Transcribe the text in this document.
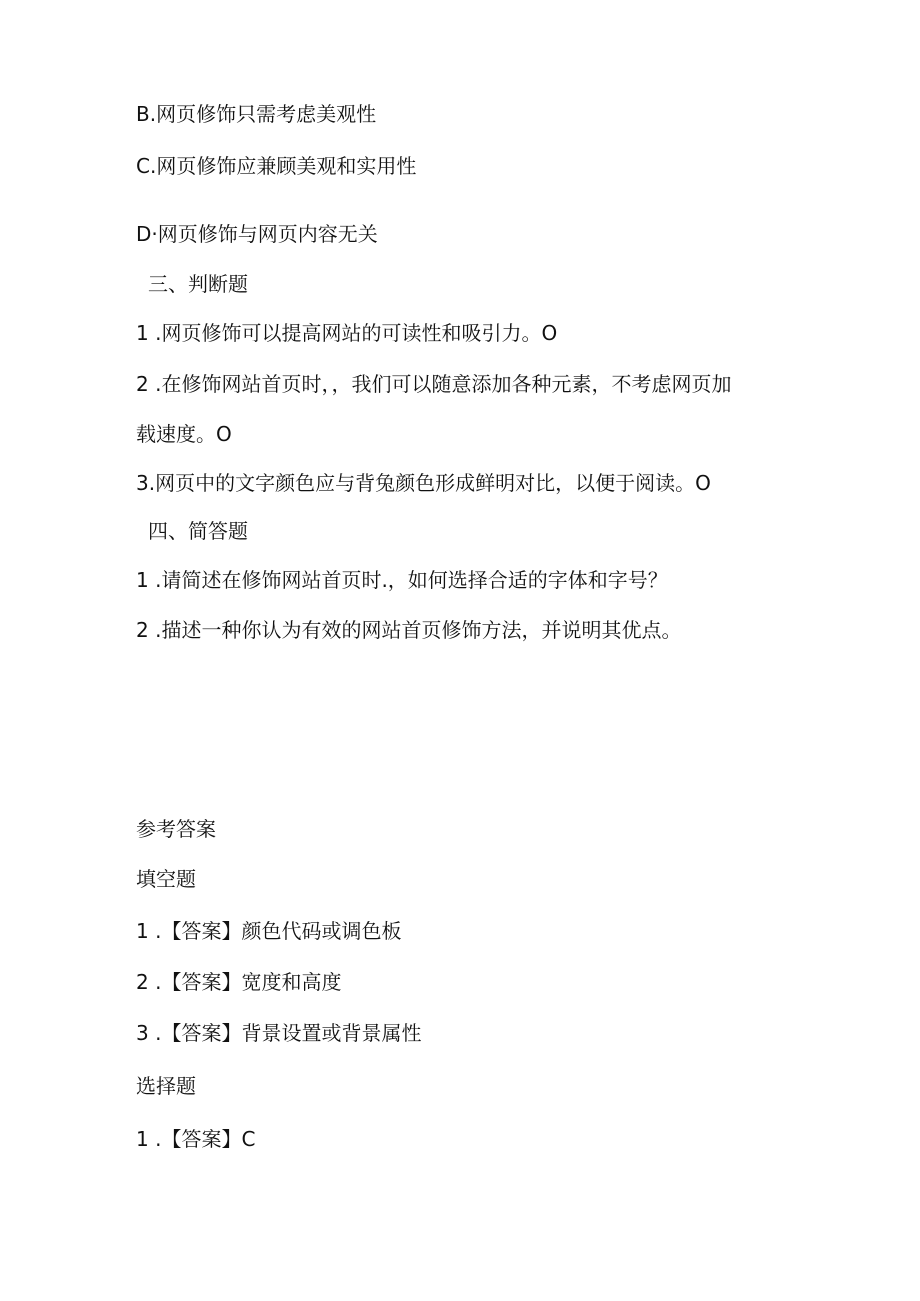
B.网页修饰只需考虑美观性

C.网页修饰应兼顾美观和实用性

D·网页修饰与网页内容无关

三、判断题

1 .网页修饰可以提高网站的可读性和吸引力。O

2 .在修饰网站首页时，，我们可以随意添加各种元素，不考虑网页加

载速度。O

3.网页中的文字颜色应与背兔颜色形成鲜明对比，以便于阅读。O

四、简答题

1 .请简述在修饰网站首页时.，如何选择合适的字体和字号？

2 .描述一种你认为有效的网站首页修饰方法，并说明其优点。

参考答案
填空题

1 .【答案】颜色代码或调色板

2 .【答案】宽度和高度

3 .【答案】背景设置或背景属性

选择题

1 .【答案】C
